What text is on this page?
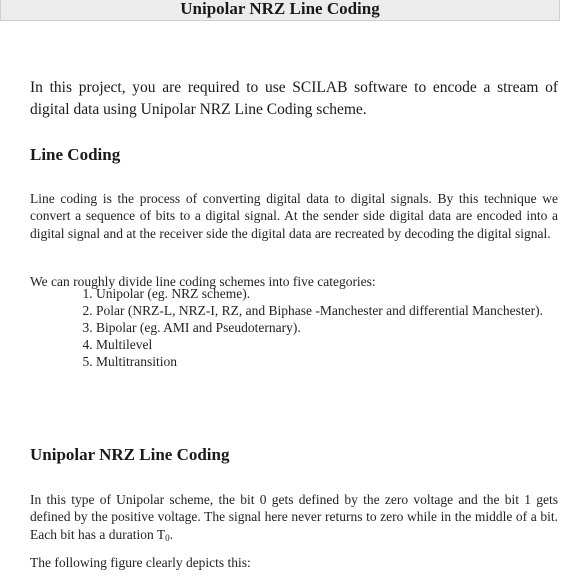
Unipolar NRZ Line Coding

In this project, you are required to use SCILAB software to encode a stream of digital data using Unipolar NRZ Line Coding scheme.

Line Coding

Line coding is the process of converting digital data to digital signals. By this technique we convert a sequence of bits to a digital signal. At the sender side digital data are encoded into a digital signal and at the receiver side the digital data are recreated by decoding the digital signal.

We can roughly divide line coding schemes into five categories:

1. Unipolar (eg. NRZ scheme).
2. Polar (NRZ-L, NRZ-I, RZ, and Biphase -Manchester and differential Manchester).
3. Bipolar (eg. AMI and Pseudoternary).
4. Multilevel
5. Multitransition
Unipolar NRZ Line Coding

In this type of Unipolar scheme, the bit 0 gets defined by the zero voltage and the bit 1 gets defined by the positive voltage. The signal here never returns to zero while in the middle of a bit. Each bit has a duration $T_0$.

The following figure clearly depicts this:
